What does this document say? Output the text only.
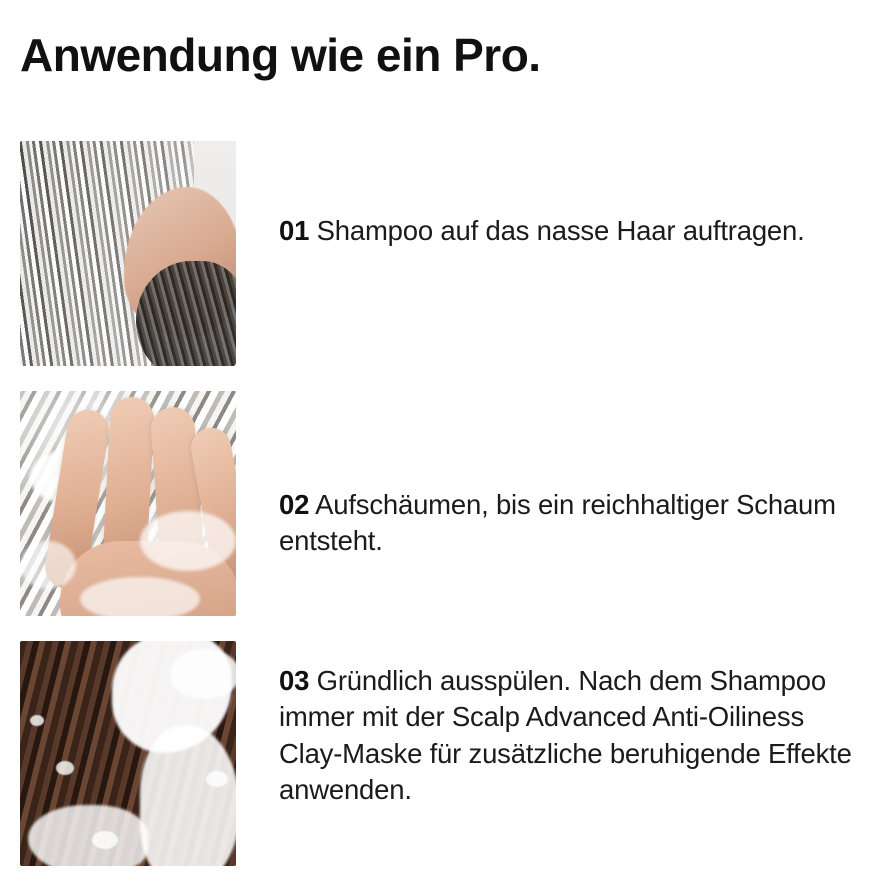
Anwendung wie ein Pro.
01 Shampoo auf das nasse Haar auftragen.
02 Aufschäumen, bis ein reichhaltiger Schaum entsteht.
03 Gründlich ausspülen. Nach dem Shampoo immer mit der Scalp Advanced Anti-Oiliness Clay-Maske für zusätzliche beruhigende Effekte anwenden.
